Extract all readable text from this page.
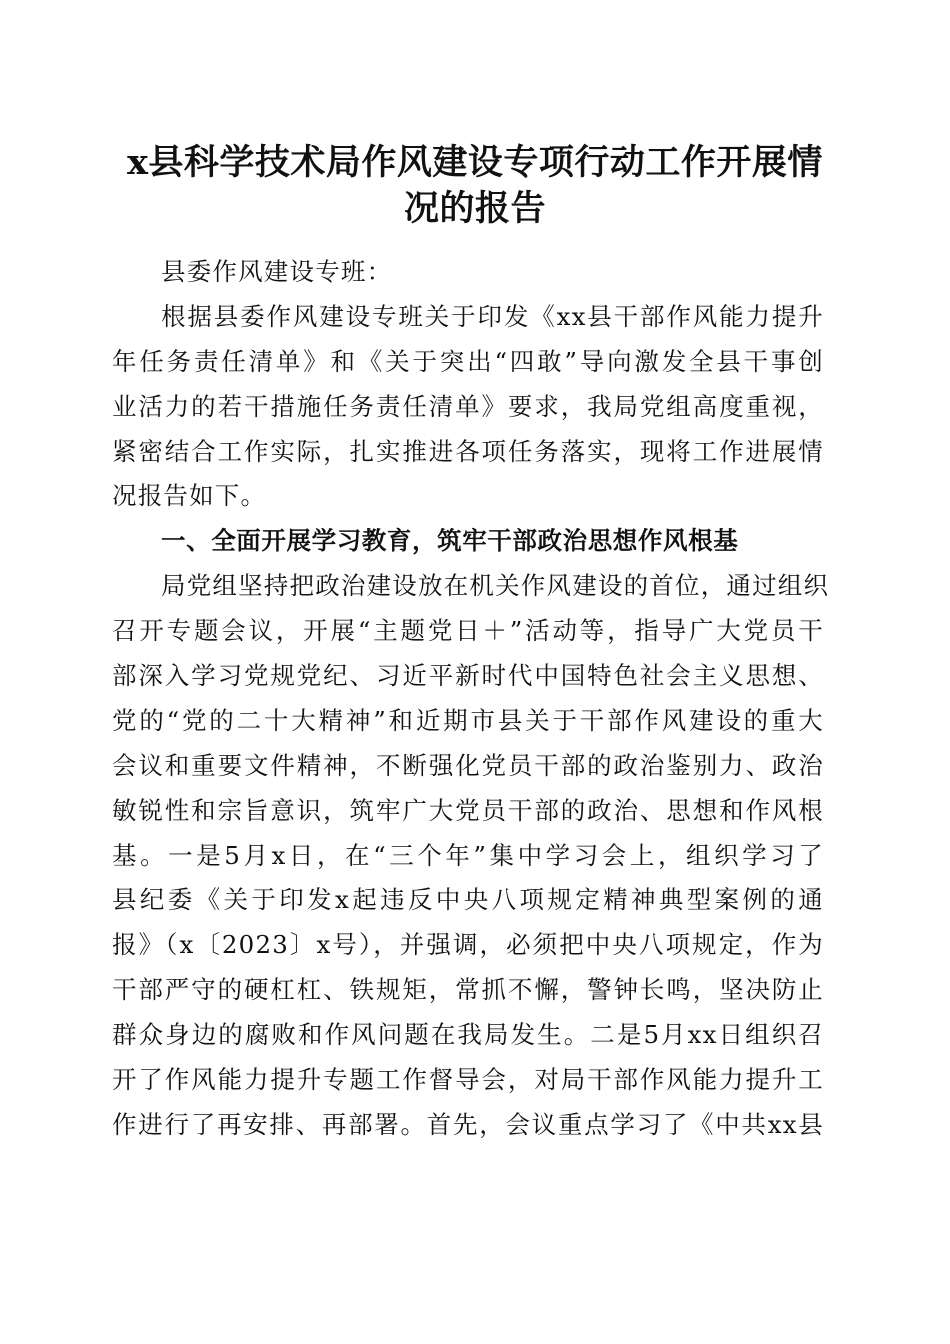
x县科学技术局作风建设专项行动工作开展情
况的报告
县委作风建设专班：
根据县委作风建设专班关于印发《xx县干部作风能力提升
年任务责任清单》和《关于突出“四敢”导向激发全县干事创
业活力的若干措施任务责任清单》要求，我局党组高度重视，
紧密结合工作实际，扎实推进各项任务落实，现将工作进展情
况报告如下。
一、全面开展学习教育，筑牢干部政治思想作风根基
局党组坚持把政治建设放在机关作风建设的首位，通过组织
召开专题会议，开展“主题党日＋”活动等，指导广大党员干
部深入学习党规党纪、习近平新时代中国特色社会主义思想、
党的“党的二十大精神”和近期市县关于干部作风建设的重大
会议和重要文件精神，不断强化党员干部的政治鉴别力、政治
敏锐性和宗旨意识，筑牢广大党员干部的政治、思想和作风根
基。一是5月x日，在“三个年”集中学习会上，组织学习了
县纪委《关于印发x起违反中央八项规定精神典型案例的通
报》（x〔2023〕x号），并强调，必须把中央八项规定，作为
干部严守的硬杠杠、铁规矩，常抓不懈，警钟长鸣，坚决防止
群众身边的腐败和作风问题在我局发生。二是5月xx日组织召
开了作风能力提升专题工作督导会，对局干部作风能力提升工
作进行了再安排、再部署。首先，会议重点学习了《中共xx县
